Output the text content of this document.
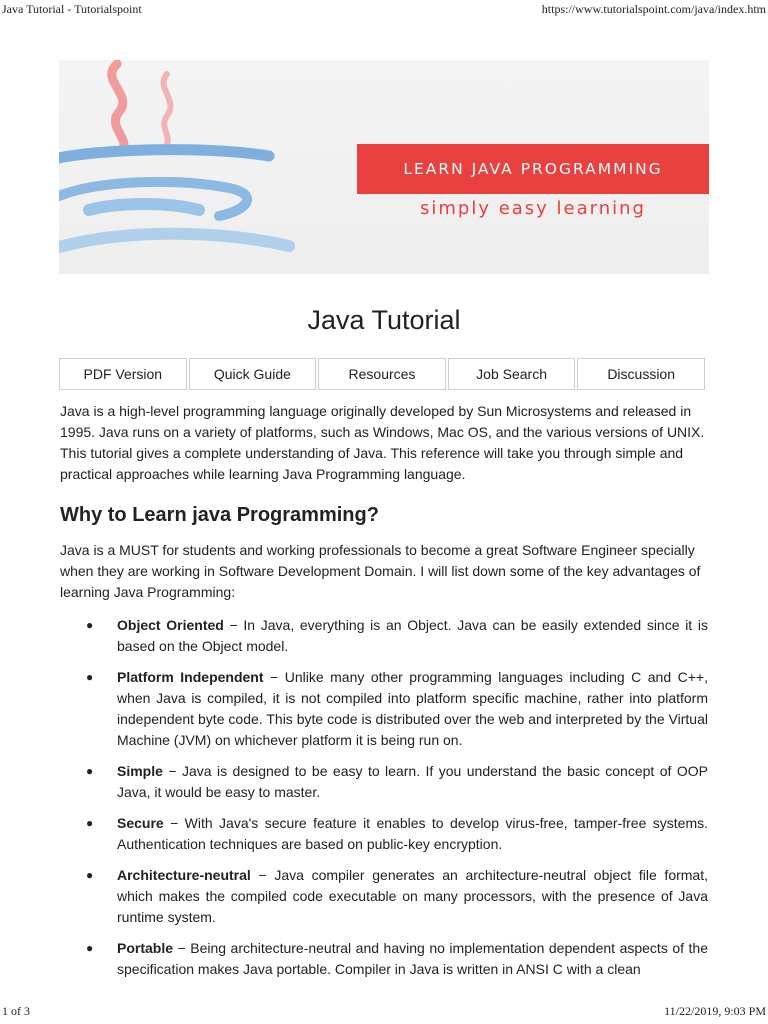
Java Tutorial - Tutorialspoint	https://www.tutorialspoint.com/java/index.htm
LEARN JAVA PROGRAMMING
simply easy learning
Java Tutorial
PDF Version	Quick Guide	Resources	Job Search	Discussion

Java is a high-level programming language originally developed by Sun Microsystems and released in 1995. Java runs on a variety of platforms, such as Windows, Mac OS, and the various versions of UNIX. This tutorial gives a complete understanding of Java. This reference will take you through simple and practical approaches while learning Java Programming language.

Why to Learn java Programming?

Java is a MUST for students and working professionals to become a great Software Engineer specially when they are working in Software Development Domain. I will list down some of the key advantages of learning Java Programming:

● Object Oriented − In Java, everything is an Object. Java can be easily extended since it is based on the Object model.
● Platform Independent − Unlike many other programming languages including C and C++, when Java is compiled, it is not compiled into platform specific machine, rather into platform independent byte code. This byte code is distributed over the web and interpreted by the Virtual Machine (JVM) on whichever platform it is being run on.
● Simple − Java is designed to be easy to learn. If you understand the basic concept of OOP Java, it would be easy to master.
● Secure − With Java's secure feature it enables to develop virus-free, tamper-free systems. Authentication techniques are based on public-key encryption.
● Architecture-neutral − Java compiler generates an architecture-neutral object file format, which makes the compiled code executable on many processors, with the presence of Java runtime system.
● Portable − Being architecture-neutral and having no implementation dependent aspects of the specification makes Java portable. Compiler in Java is written in ANSI C with a clean
1 of 3	11/22/2019, 9:03 PM
